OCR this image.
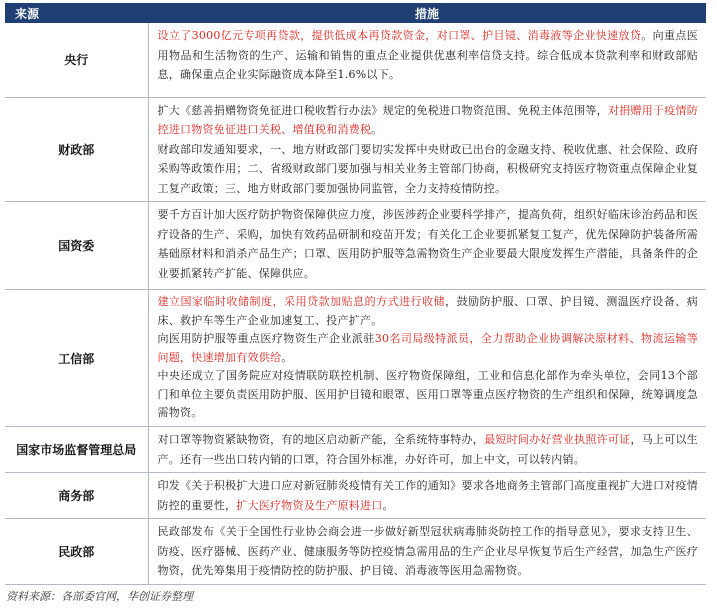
来源	措施
央行	设立了3000亿元专项再贷款，提供低成本再贷款资金，对口罩、护目镜、消毒液等企业快速放贷。向重点医用物品和生活物资的生产、运输和销售的重点企业提供优惠利率信贷支持。综合低成本贷款利率和财政部贴息，确保重点企业实际融资成本降至1.6%以下。

财政部	扩大《慈善捐赠物资免征进口税收暂行办法》规定的免税进口物资范围、免税主体范围等，对捐赠用于疫情防控进口物资免征进口关税、增值税和消费税。
财政部印发通知要求，一、地方财政部门要切实发挥中央财政已出台的金融支持、税收优惠、社会保险、政府采购等政策作用；二、省级财政部门要加强与相关业务主管部门协商，积极研究支持医疗物资重点保障企业复工复产政策；三、地方财政部门要加强协同监管，全力支持疫情防控。

国资委	要千方百计加大医疗防护物资保障供应力度，涉医涉药企业要科学排产，提高负荷，组织好临床诊治药品和医疗设备的生产、采购，加快有效药品研制和疫苗开发；有关化工企业要抓紧复工复产，优先保障防护装备所需基础原材料和消杀产品生产；口罩、医用防护服等急需物资生产企业要最大限度发挥生产潜能，具备条件的企业要抓紧转产扩能、保障供应。

工信部	建立国家临时收储制度，采用贷款加贴息的方式进行收储，鼓励防护服、口罩、护目镜、测温医疗设备、病床、救护车等生产企业加速复工、投产扩产。
向医用防护服等重点医疗物资生产企业派驻30名司局级特派员，全力帮助企业协调解决原材料、物流运输等问题，快速增加有效供给。
中央还成立了国务院应对疫情联防联控机制、医疗物资保障组，工业和信息化部作为牵头单位，会同13个部门和单位主要负责医用防护服、医用护目镜和眼罩、医用口罩等重点医疗物资的生产组织和保障，统筹调度急需物资。

国家市场监督管理总局	对口罩等物资紧缺物资，有的地区启动新产能，全系统特事特办，最短时间办好营业执照许可证，马上可以生产。还有一些出口转内销的口罩，符合国外标准，办好许可，加上中文，可以转内销。

商务部	印发《关于积极扩大进口应对新冠肺炎疫情有关工作的通知》要求各地商务主管部门高度重视扩大进口对疫情防控的重要性，扩大医疗物资及生产原料进口。

民政部	民政部发布《关于全国性行业协会商会进一步做好新型冠状病毒肺炎防控工作的指导意见》，要求支持卫生、防疫、医疗器械、医药产业、健康服务等防控疫情急需用品的生产企业尽早恢复节后生产经营，加急生产医疗物资，优先筹集用于疫情防控的防护服、护目镜、消毒液等医用急需物资。
资料来源：各部委官网，华创证券整理
